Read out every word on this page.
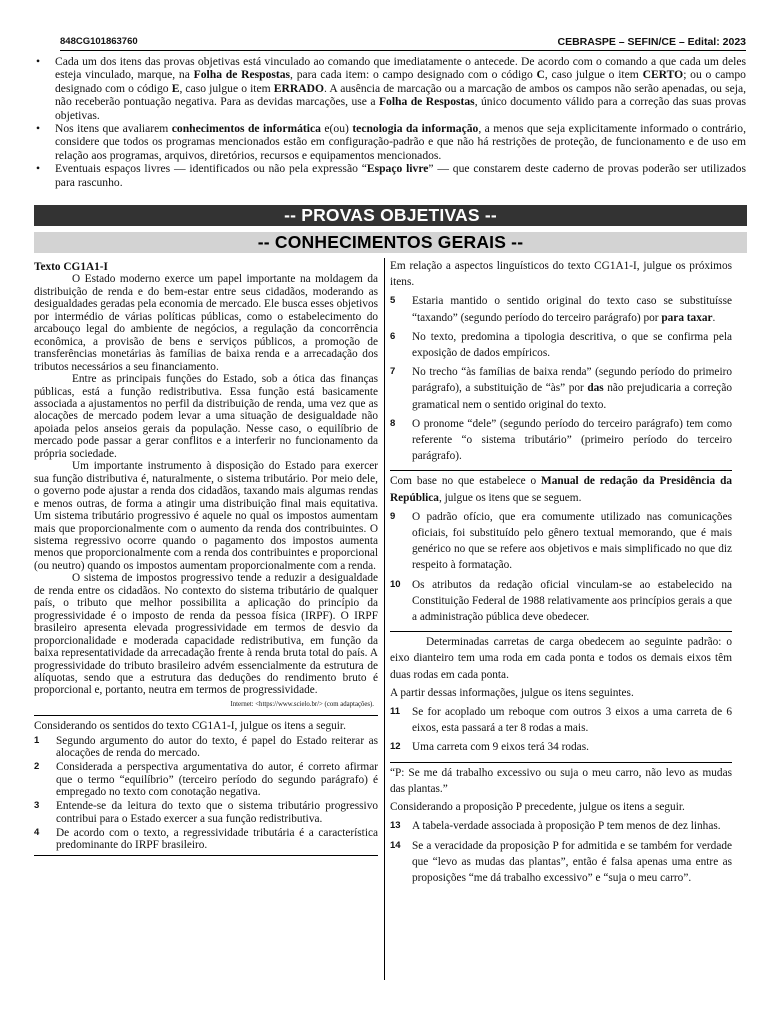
848CG101863760	CEBRASPE – SEFIN/CE – Edital: 2023
• Cada um dos itens das provas objetivas está vinculado ao comando que imediatamente o antecede. De acordo com o comando a que cada um deles esteja vinculado, marque, na Folha de Respostas, para cada item: o campo designado com o código C, caso julgue o item CERTO; ou o campo designado com o código E, caso julgue o item ERRADO. A ausência de marcação ou a marcação de ambos os campos não serão apenadas, ou seja, não receberão pontuação negativa. Para as devidas marcações, use a Folha de Respostas, único documento válido para a correção das suas provas objetivas.
• Nos itens que avaliarem conhecimentos de informática e(ou) tecnologia da informação, a menos que seja explicitamente informado o contrário, considere que todos os programas mencionados estão em configuração-padrão e que não há restrições de proteção, de funcionamento e de uso em relação aos programas, arquivos, diretórios, recursos e equipamentos mencionados.
• Eventuais espaços livres — identificados ou não pela expressão “Espaço livre” — que constarem deste caderno de provas poderão ser utilizados para rascunho.
-- PROVAS OBJETIVAS --
-- CONHECIMENTOS GERAIS --
Texto CG1A1-I
O Estado moderno exerce um papel importante na moldagem da distribuição de renda e do bem-estar entre seus cidadãos, moderando as desigualdades geradas pela economia de mercado. Ele busca esses objetivos por intermédio de várias políticas públicas, como o estabelecimento do arcabouço legal do ambiente de negócios, a regulação da concorrência econômica, a provisão de bens e serviços públicos, a promoção de transferências monetárias às famílias de baixa renda e a arrecadação dos tributos necessários a seu financiamento.
Entre as principais funções do Estado, sob a ótica das finanças públicas, está a função redistributiva. Essa função está basicamente associada a ajustamentos no perfil da distribuição de renda, uma vez que as alocações de mercado podem levar a uma situação de desigualdade não apoiada pelos anseios gerais da população. Nesse caso, o equilíbrio de mercado pode passar a gerar conflitos e a interferir no funcionamento da própria sociedade.
Um importante instrumento à disposição do Estado para exercer sua função distributiva é, naturalmente, o sistema tributário. Por meio dele, o governo pode ajustar a renda dos cidadãos, taxando mais algumas rendas e menos outras, de forma a atingir uma distribuição final mais equitativa. Um sistema tributário progressivo é aquele no qual os impostos aumentam mais que proporcionalmente com o aumento da renda dos contribuintes. O sistema regressivo ocorre quando o pagamento dos impostos aumenta menos que proporcionalmente com a renda dos contribuintes e proporcional (ou neutro) quando os impostos aumentam proporcionalmente com a renda.
O sistema de impostos progressivo tende a reduzir a desigualdade de renda entre os cidadãos. No contexto do sistema tributário de qualquer país, o tributo que melhor possibilita a aplicação do princípio da progressividade é o imposto de renda da pessoa física (IRPF). O IRPF brasileiro apresenta elevada progressividade em termos de desvio da proporcionalidade e moderada capacidade redistributiva, em função da baixa representatividade da arrecadação frente à renda bruta total do país. A progressividade do tributo brasileiro advém essencialmente da estrutura de alíquotas, sendo que a estrutura das deduções do rendimento bruto é proporcional e, portanto, neutra em termos de progressividade.
Internet: <https://www.scielo.br/> (com adaptações).
Considerando os sentidos do texto CG1A1-I, julgue os itens a seguir.
1 Segundo argumento do autor do texto, é papel do Estado reiterar as alocações de renda do mercado.
2 Considerada a perspectiva argumentativa do autor, é correto afirmar que o termo “equilíbrio” (terceiro período do segundo parágrafo) é empregado no texto com conotação negativa.
3 Entende-se da leitura do texto que o sistema tributário progressivo contribui para o Estado exercer a sua função redistributiva.
4 De acordo com o texto, a regressividade tributária é a característica predominante do IRPF brasileiro.
Em relação a aspectos linguísticos do texto CG1A1-I, julgue os próximos itens.
5 Estaria mantido o sentido original do texto caso se substituísse “taxando” (segundo período do terceiro parágrafo) por para taxar.
6 No texto, predomina a tipologia descritiva, o que se confirma pela exposição de dados empíricos.
7 No trecho “às famílias de baixa renda” (segundo período do primeiro parágrafo), a substituição de “às” por das não prejudicaria a correção gramatical nem o sentido original do texto.
8 O pronome “dele” (segundo período do terceiro parágrafo) tem como referente “o sistema tributário” (primeiro período do terceiro parágrafo).
Com base no que estabelece o Manual de redação da Presidência da República, julgue os itens que se seguem.
9 O padrão ofício, que era comumente utilizado nas comunicações oficiais, foi substituído pelo gênero textual memorando, que é mais genérico no que se refere aos objetivos e mais simplificado no que diz respeito à formatação.
10 Os atributos da redação oficial vinculam-se ao estabelecido na Constituição Federal de 1988 relativamente aos princípios gerais a que a administração pública deve obedecer.
Determinadas carretas de carga obedecem ao seguinte padrão: o eixo dianteiro tem uma roda em cada ponta e todos os demais eixos têm duas rodas em cada ponta.
A partir dessas informações, julgue os itens seguintes.
11 Se for acoplado um reboque com outros 3 eixos a uma carreta de 6 eixos, esta passará a ter 8 rodas a mais.
12 Uma carreta com 9 eixos terá 34 rodas.
“P: Se me dá trabalho excessivo ou suja o meu carro, não levo as mudas das plantas.”
Considerando a proposição P precedente, julgue os itens a seguir.
13 A tabela-verdade associada à proposição P tem menos de dez linhas.
14 Se a veracidade da proposição P for admitida e se também for verdade que “levo as mudas das plantas”, então é falsa apenas uma entre as proposições “me dá trabalho excessivo” e “suja o meu carro”.
